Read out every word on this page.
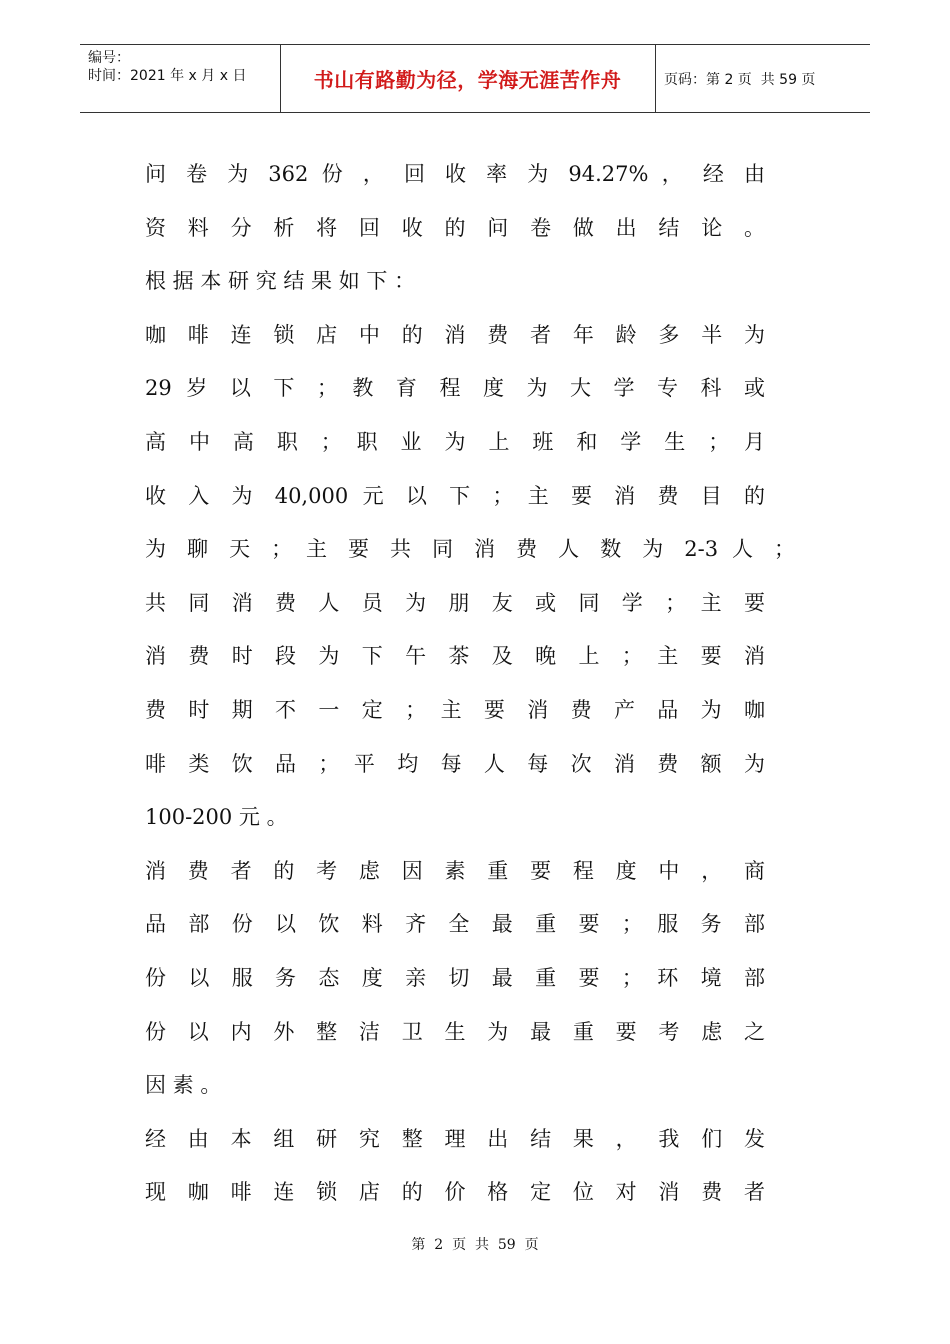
编号：
时间：2021 年 x 月 x 日	书山有路勤为径，学海无涯苦作舟	页码：第 2 页  共 59 页
问 卷 为 362 份 ， 回 收 率 为 94.27% ， 经 由
资 料 分 析 将 回 收 的 问 卷 做 出 结 论 。
根 据 本 研 究 结 果 如 下 ：
咖 啡 连 锁 店 中 的 消 费 者 年 龄 多 半 为
29 岁 以 下 ； 教 育 程 度 为 大 学 专 科 或
高 中 高 职 ； 职 业 为 上 班 和 学 生 ； 月
收 入 为 40,000 元 以 下 ； 主 要 消 费 目 的
为 聊 天 ； 主 要 共 同 消 费 人 数 为 2-3 人 ；
共 同 消 费 人 员 为 朋 友 或 同 学 ； 主 要
消 费 时 段 为 下 午 茶 及 晚 上 ； 主 要 消
费 时 期 不 一 定 ； 主 要 消 费 产 品 为 咖
啡 类 饮 品 ； 平 均 每 人 每 次 消 费 额 为
100-200 元 。
消 费 者 的 考 虑 因 素 重 要 程 度 中 ， 商
品 部 份 以 饮 料 齐 全 最 重 要 ； 服 务 部
份 以 服 务 态 度 亲 切 最 重 要 ； 环 境 部
份 以 内 外 整 洁 卫 生 为 最 重 要 考 虑 之
因 素 。
经 由 本 组 研 究 整 理 出 结 果 ， 我 们 发
现 咖 啡 连 锁 店 的 价 格 定 位 对 消 费 者
第  2  页  共  59  页
